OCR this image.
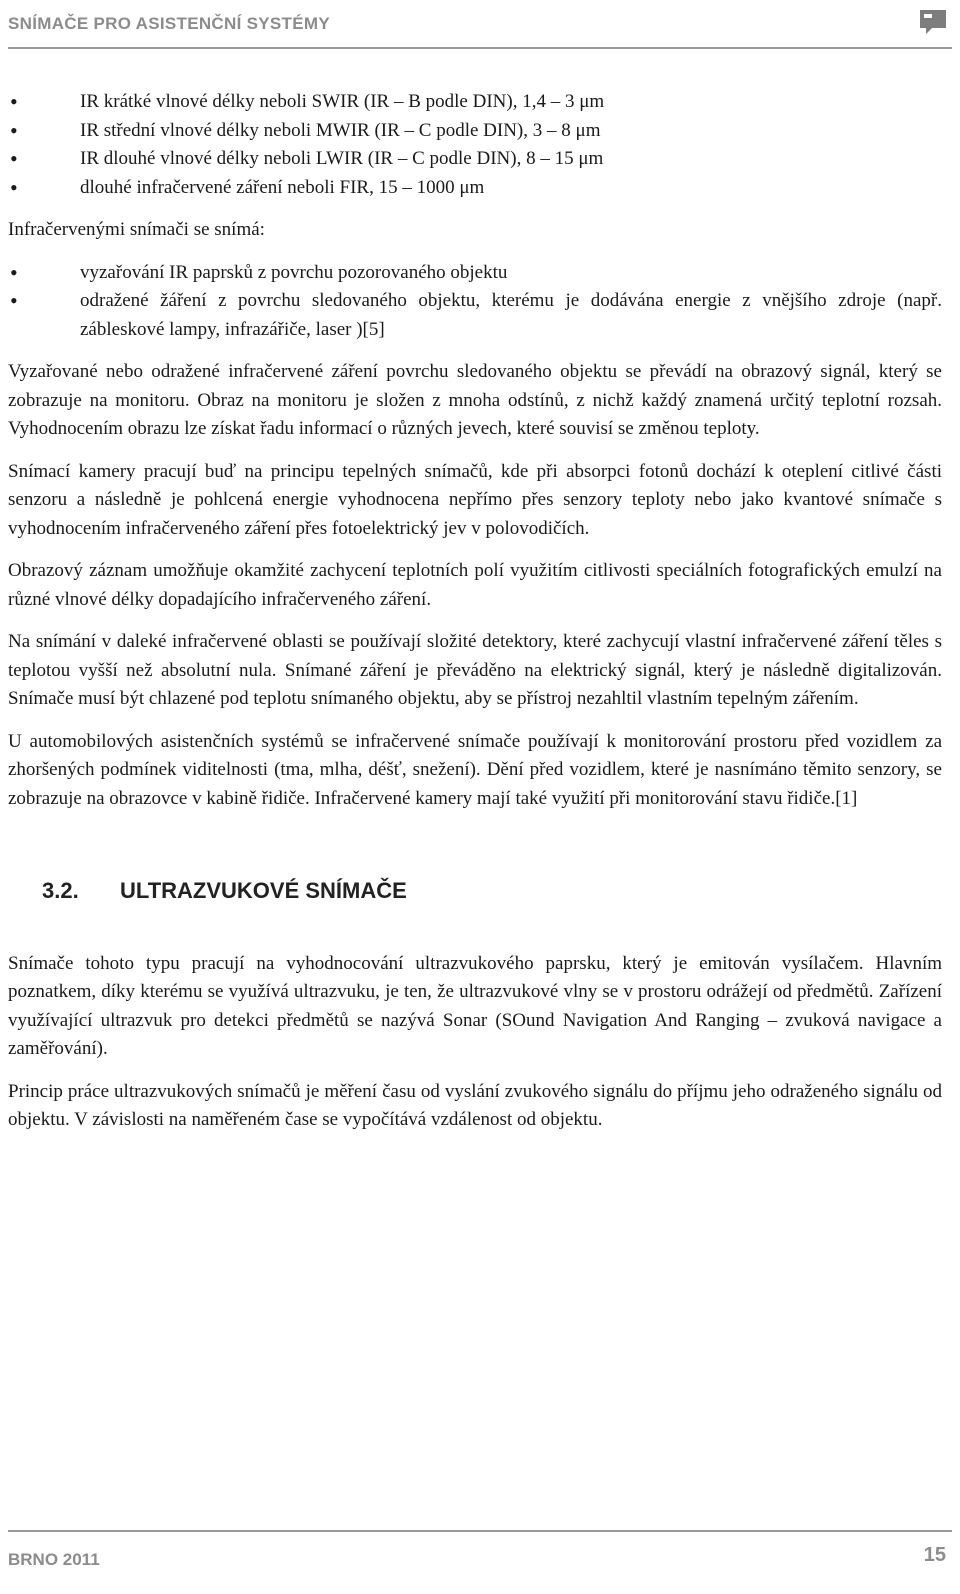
SNÍMAČE PRO ASISTENČNÍ SYSTÉMY
• IR krátké vlnové délky neboli SWIR (IR – B podle DIN), 1,4 – 3 μm
• IR střední vlnové délky neboli MWIR (IR – C podle DIN), 3 – 8 μm
• IR dlouhé vlnové délky neboli LWIR (IR – C podle DIN), 8 – 15 μm
• dlouhé infračervené záření neboli FIR, 15 – 1000 μm

Infračervenými snímači se snímá:

• vyzařování IR paprsků z povrchu pozorovaného objektu
• odražené žáření z povrchu sledovaného objektu, kterému je dodávána energie z vnějšího zdroje (např. zábleskové lampy, infrazářiče, laser )[5]

Vyzařované nebo odražené infračervené záření povrchu sledovaného objektu se převádí na obrazový signál, který se zobrazuje na monitoru. Obraz na monitoru je složen z mnoha odstínů, z nichž každý znamená určitý teplotní rozsah. Vyhodnocením obrazu lze získat řadu informací o různých jevech, které souvisí se změnou teploty.

Snímací kamery pracují buď na principu tepelných snímačů, kde při absorpci fotonů dochází k oteplení citlivé části senzoru a následně je pohlcená energie vyhodnocena nepřímo přes senzory teploty nebo jako kvantové snímače s vyhodnocením infračerveného záření přes fotoelektrický jev v polovodičích.

Obrazový záznam umožňuje okamžité zachycení teplotních polí využitím citlivosti speciálních fotografických emulzí na různé vlnové délky dopadajícího infračerveného záření.

Na snímání v daleké infračervené oblasti se používají složité detektory, které zachycují vlastní infračervené záření těles s teplotou vyšší než absolutní nula. Snímané záření je převáděno na elektrický signál, který je následně digitalizován. Snímače musí být chlazené pod teplotu snímaného objektu, aby se přístroj nezahltil vlastním tepelným zářením.

U automobilových asistenčních systémů se infračervené snímače používají k monitorování prostoru před vozidlem za zhoršených podmínek viditelnosti (tma, mlha, déšť, snežení). Dění před vozidlem, které je nasnímáno těmito senzory, se zobrazuje na obrazovce v kabině řidiče. Infračervené kamery mají také využití při monitorování stavu řidiče.[1]

3.2. ULTRAZVUKOVÉ SNÍMAČE

Snímače tohoto typu pracují na vyhodnocování ultrazvukového paprsku, který je emitován vysílačem. Hlavním poznatkem, díky kterému se využívá ultrazvuku, je ten, že ultrazvukové vlny se v prostoru odrážejí od předmětů. Zařízení využívající ultrazvuk pro detekci předmětů se nazývá Sonar (SOund Navigation And Ranging – zvuková navigace a zaměřování).

Princip práce ultrazvukových snímačů je měření času od vyslání zvukového signálu do příjmu jeho odraženého signálu od objektu. V závislosti na naměřeném čase se vypočítává vzdálenost od objektu.

BRNO 2011	15
